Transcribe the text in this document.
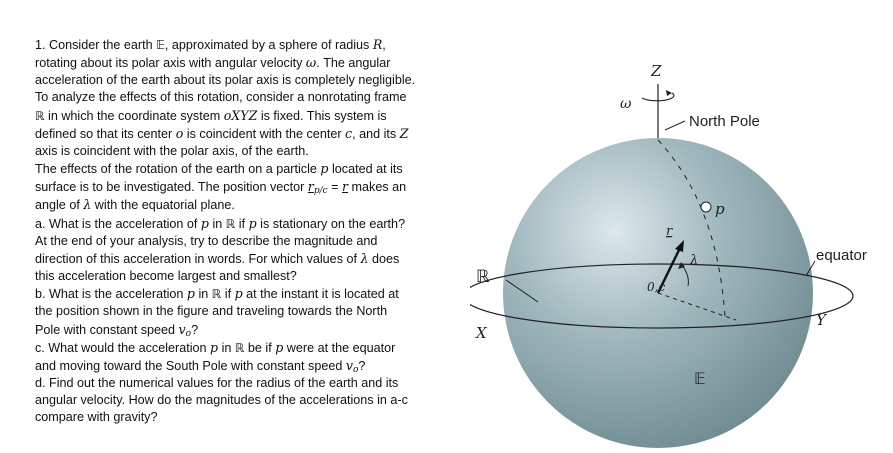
1. Consider the earth 𝔼, approximated by a sphere of radius R,
rotating about its polar axis with angular velocity ω. The angular
acceleration of the earth about its polar axis is completely negligible.
To analyze the effects of this rotation, consider a nonrotating frame
ℝ in which the coordinate system oXYZ is fixed. This system is
defined so that its center o is coincident with the center c, and its Z
axis is coincident with the polar axis, of the earth.
The effects of the rotation of the earth on a particle p located at its
surface is to be investigated. The position vector $r_{p/c} = r$ makes an
angle of λ with the equatorial plane.
a. What is the acceleration of p in ℝ if p is stationary on the earth?
At the end of your analysis, try to describe the magnitude and
direction of this acceleration in words. For which values of λ does
this acceleration become largest and smallest?
b. What is the acceleration p in ℝ if p at the instant it is located at
the position shown in the figure and traveling towards the North
Pole with constant speed $v_o$?
c. What would the acceleration p in ℝ be if p were at the equator
and moving toward the South Pole with constant speed $v_o$?
d. Find out the numerical values for the radius of the earth and its
angular velocity. How do the magnitudes of the accelerations in a-c
compare with gravity?
Z
ω
North Pole
p
r
λ
0,c
ℝ
X
Y
equator
𝔼
